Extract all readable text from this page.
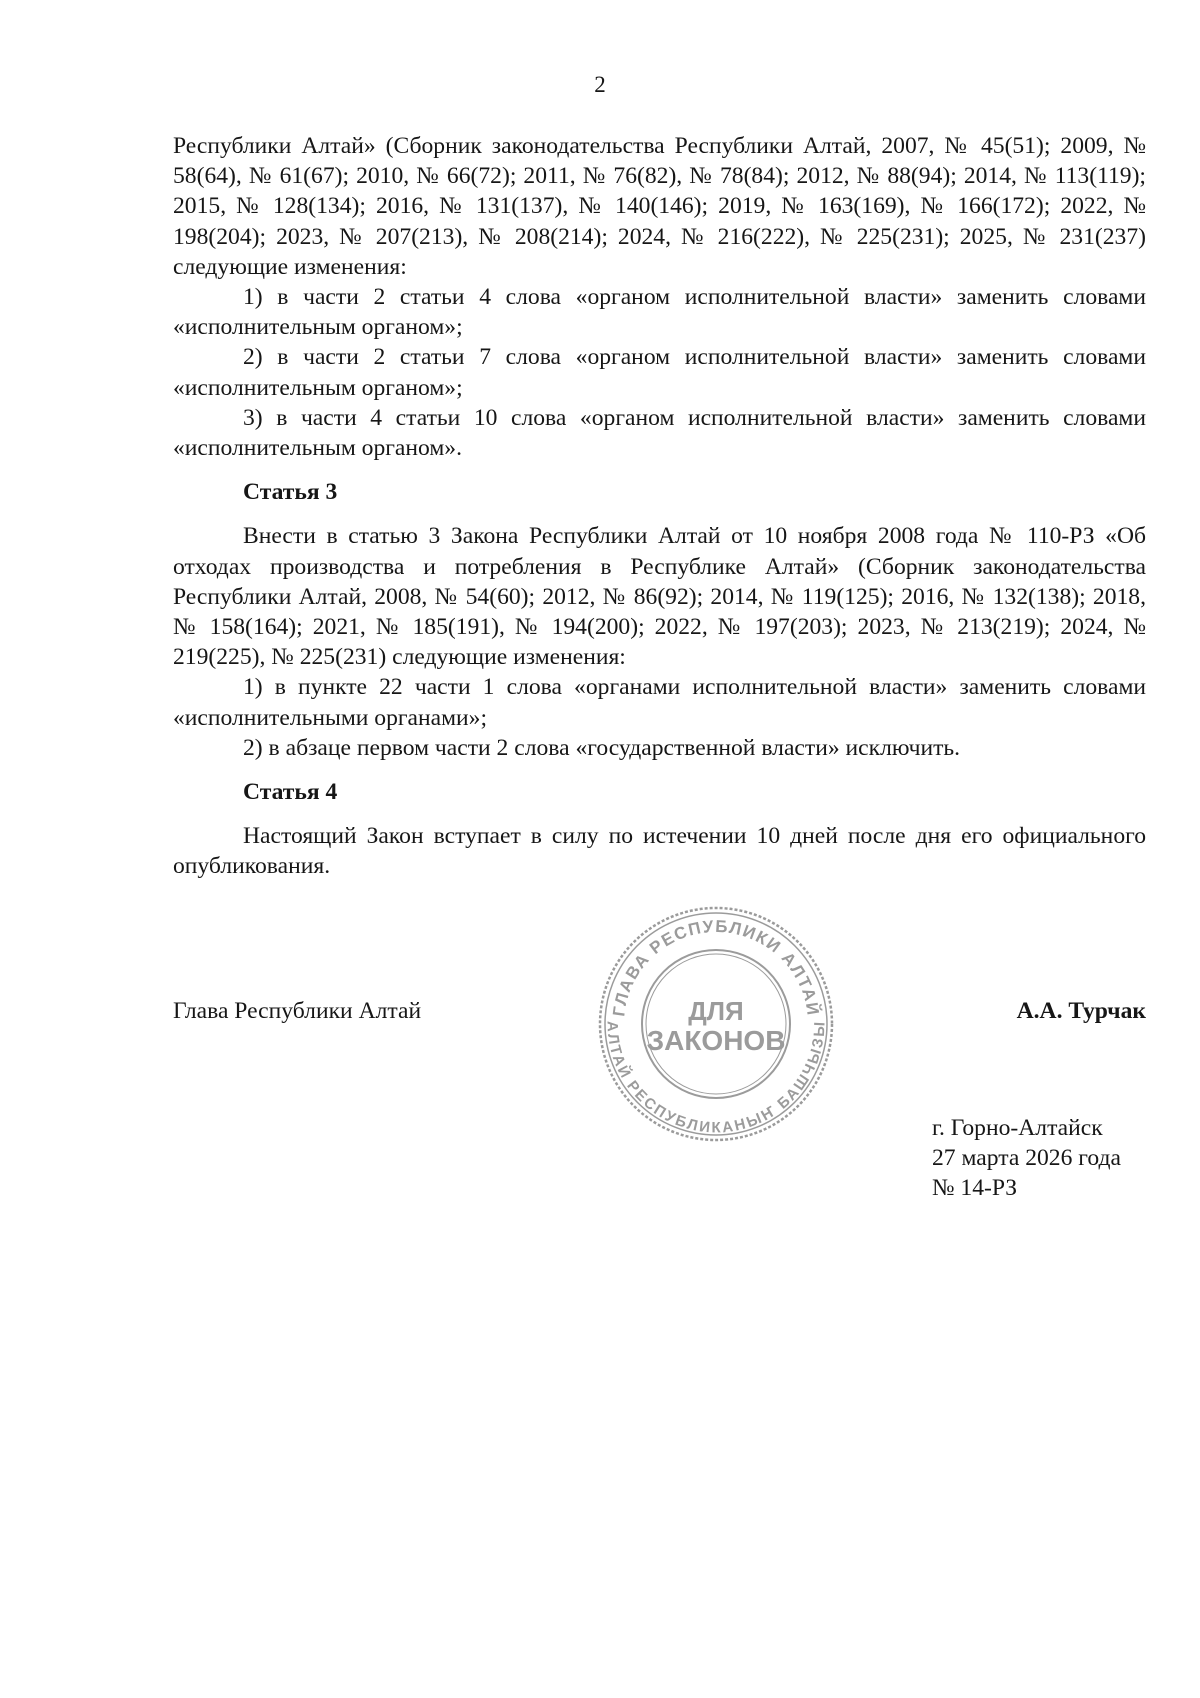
2

Республики Алтай» (Сборник законодательства Республики Алтай, 2007, № 45(51); 2009, № 58(64), № 61(67); 2010, № 66(72); 2011, № 76(82), № 78(84); 2012, № 88(94); 2014, № 113(119); 2015, № 128(134); 2016, № 131(137), № 140(146); 2019, № 163(169), № 166(172); 2022, № 198(204); 2023, № 207(213), № 208(214); 2024, № 216(222), № 225(231); 2025, № 231(237) следующие изменения:

1) в части 2 статьи 4 слова «органом исполнительной власти» заменить словами «исполнительным органом»;

2) в части 2 статьи 7 слова «органом исполнительной власти» заменить словами «исполнительным органом»;

3) в части 4 статьи 10 слова «органом исполнительной власти» заменить словами «исполнительным органом».

Статья 3

Внести в статью 3 Закона Республики Алтай от 10 ноября 2008 года № 110-РЗ «Об отходах производства и потребления в Республике Алтай» (Сборник законодательства Республики Алтай, 2008, № 54(60); 2012, № 86(92); 2014, № 119(125); 2016, № 132(138); 2018, № 158(164); 2021, № 185(191), № 194(200); 2022, № 197(203); 2023, № 213(219); 2024, № 219(225), № 225(231) следующие изменения:

1) в пункте 22 части 1 слова «органами исполнительной власти» заменить словами «исполнительными органами»;

2) в абзаце первом части 2 слова «государственной власти» исключить.

Статья 4

Настоящий Закон вступает в силу по истечении 10 дней после дня его официального опубликования.

Глава Республики Алтай	А.А. Турчак
ГЛАВА РЕСПУБЛИКИ АЛТАЙ
АЛТАЙ РЕСПУБЛИКАНЫҤ БАШЧЫЗЫ
ДЛЯ
ЗАКОНОВ
г. Горно-Алтайск
27 марта 2026 года
№ 14-РЗ
